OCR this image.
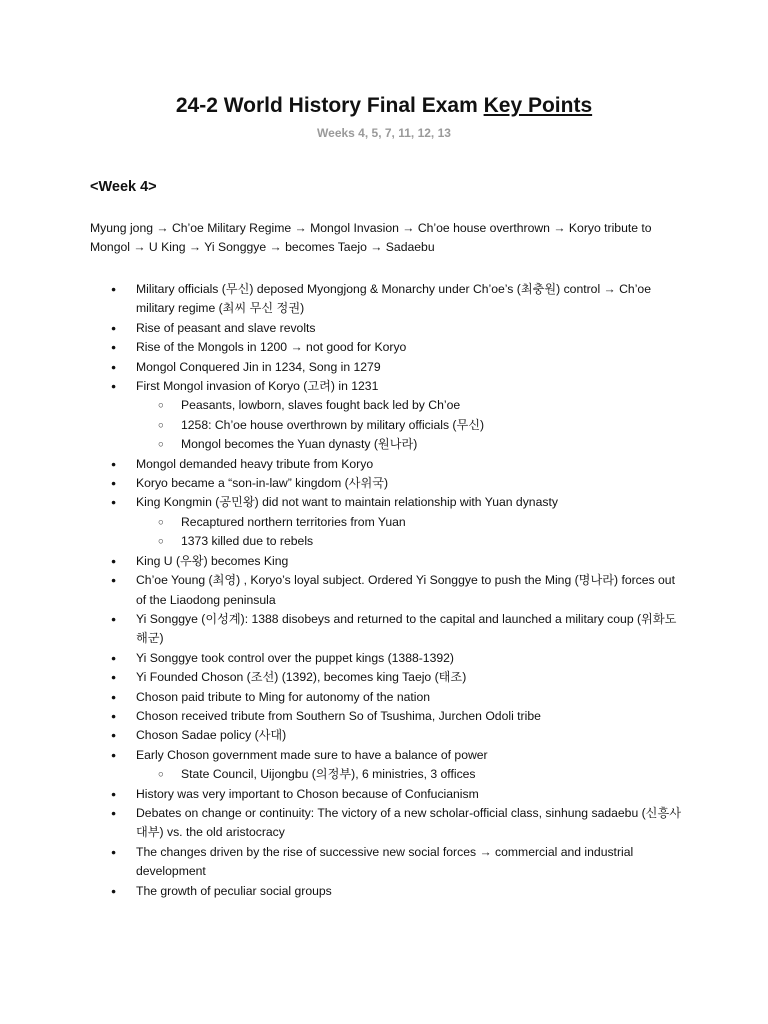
24-2 World History Final Exam Key Points
Weeks 4, 5, 7, 11, 12, 13
<Week 4>
Myung jong → Ch’oe Military Regime → Mongol Invasion → Ch’oe house overthrown → Koryo tribute to Mongol → U King → Yi Songgye → becomes Taejo → Sadaebu
● Military officials (무신) deposed Myongjong & Monarchy under Ch’oe’s (최충원) control → Ch’oe military regime (최씨 무신 정권)
● Rise of peasant and slave revolts
● Rise of the Mongols in 1200 → not good for Koryo
● Mongol Conquered Jin in 1234, Song in 1279
● First Mongol invasion of Koryo (고려) in 1231
○ Peasants, lowborn, slaves fought back led by Ch’oe
○ 1258: Ch’oe house overthrown by military officials (무신)
○ Mongol becomes the Yuan dynasty (원나라)
● Mongol demanded heavy tribute from Koryo
● Koryo became a “son-in-law” kingdom (사위국)
● King Kongmin (공민왕) did not want to maintain relationship with Yuan dynasty
○ Recaptured northern territories from Yuan
○ 1373 killed due to rebels
● King U (우왕) becomes King
● Ch’oe Young (최영) , Koryo’s loyal subject. Ordered Yi Songgye to push the Ming (명나라) forces out of the Liaodong peninsula
● Yi Songgye (이성계): 1388 disobeys and returned to the capital and launched a military coup (위화도 해군)
● Yi Songgye took control over the puppet kings (1388-1392)
● Yi Founded Choson (조선) (1392), becomes king Taejo (태조)
● Choson paid tribute to Ming for autonomy of the nation
● Choson received tribute from Southern So of Tsushima, Jurchen Odoli tribe
● Choson Sadae policy (사대)
● Early Choson government made sure to have a balance of power
○ State Council, Uijongbu (의정부), 6 ministries, 3 offices
● History was very important to Choson because of Confucianism
● Debates on change or continuity: The victory of a new scholar-official class, sinhung sadaebu (신흥사대부) vs. the old aristocracy
● The changes driven by the rise of successive new social forces → commercial and industrial development
● The growth of peculiar social groups
